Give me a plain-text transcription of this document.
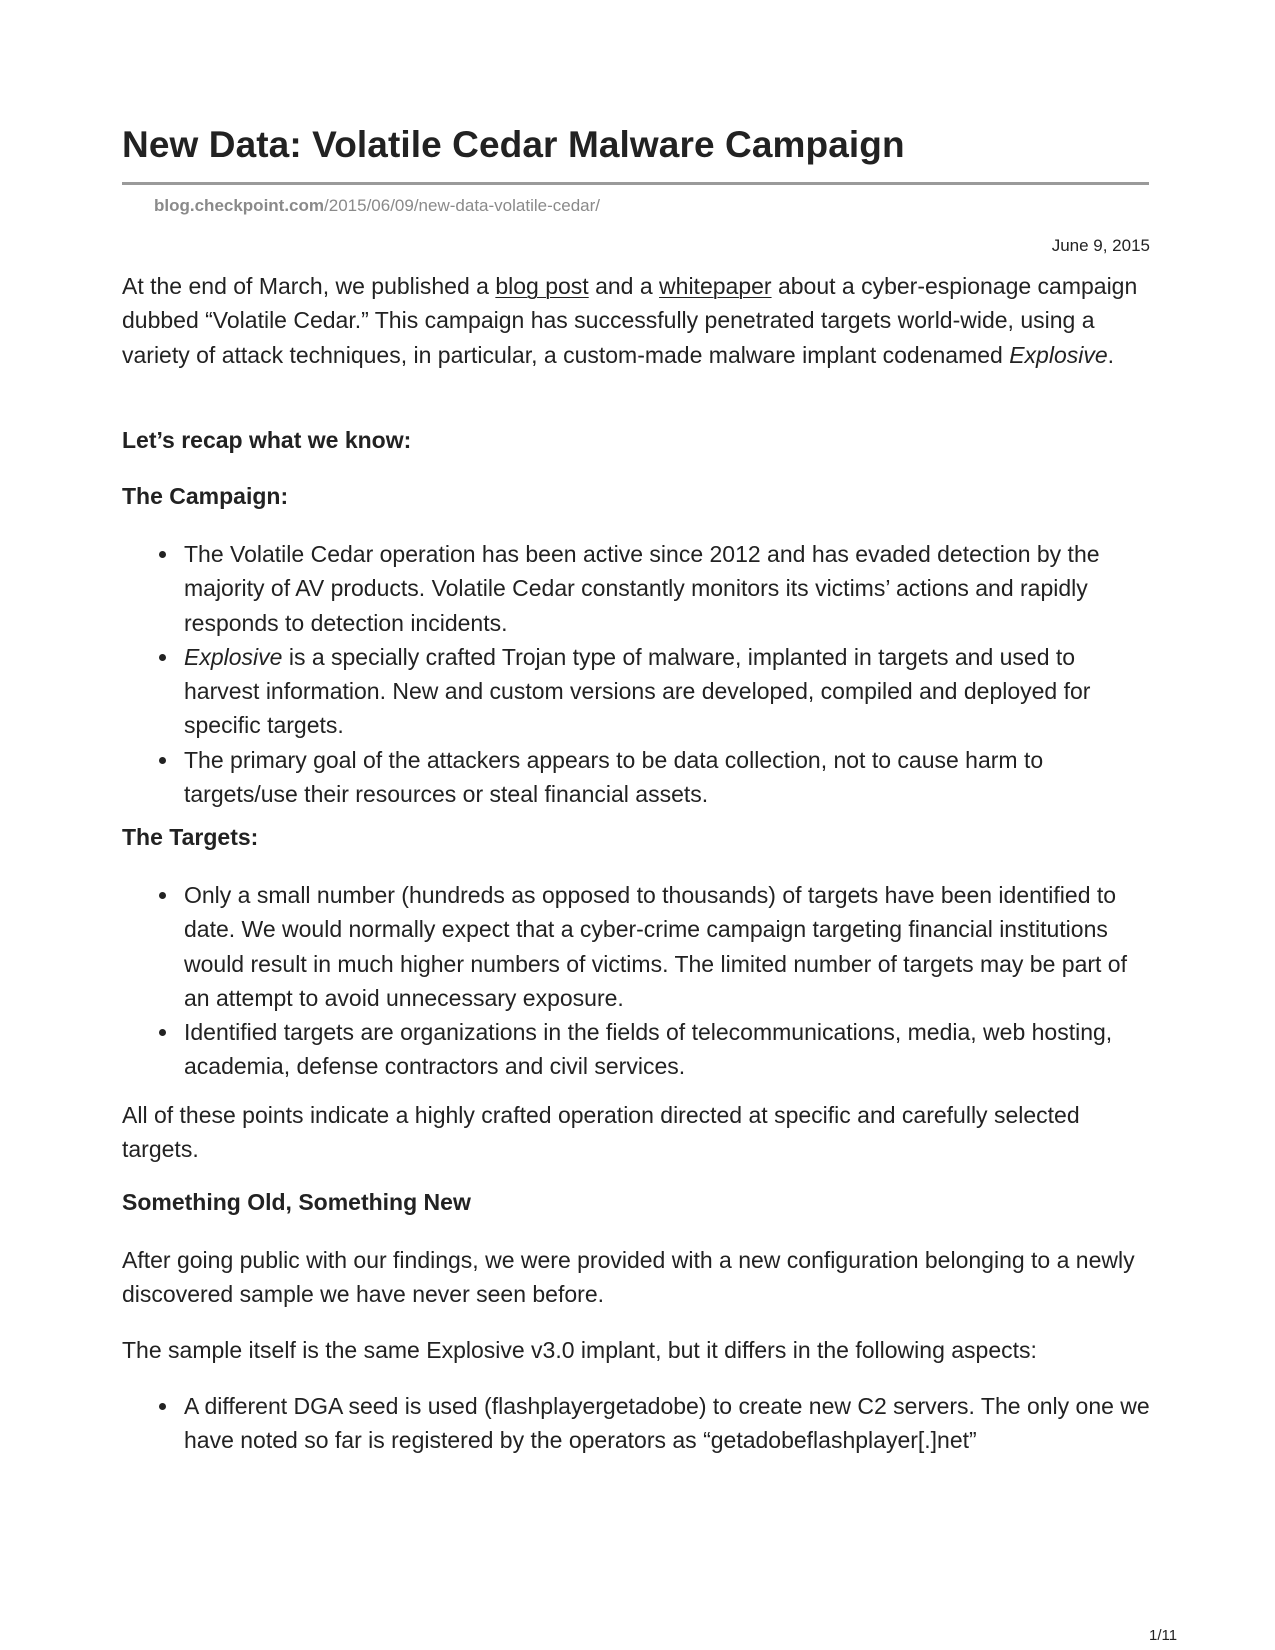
New Data: Volatile Cedar Malware Campaign
blog.checkpoint.com/2015/06/09/new-data-volatile-cedar/
June 9, 2015

At the end of March, we published a blog post and a whitepaper about a cyber-espionage campaign dubbed “Volatile Cedar.” This campaign has successfully penetrated targets world-wide, using a variety of attack techniques, in particular, a custom-made malware implant codenamed Explosive.

Let’s recap what we know:
The Campaign:
The Volatile Cedar operation has been active since 2012 and has evaded detection by the majority of AV products. Volatile Cedar constantly monitors its victims’ actions and rapidly responds to detection incidents.
Explosive is a specially crafted Trojan type of malware, implanted in targets and used to harvest information. New and custom versions are developed, compiled and deployed for specific targets.
The primary goal of the attackers appears to be data collection, not to cause harm to targets/use their resources or steal financial assets.
The Targets:
Only a small number (hundreds as opposed to thousands) of targets have been identified to date. We would normally expect that a cyber-crime campaign targeting financial institutions would result in much higher numbers of victims. The limited number of targets may be part of an attempt to avoid unnecessary exposure.
Identified targets are organizations in the fields of telecommunications, media, web hosting, academia, defense contractors and civil services.

All of these points indicate a highly crafted operation directed at specific and carefully selected targets.

Something Old, Something New

After going public with our findings, we were provided with a new configuration belonging to a newly discovered sample we have never seen before.

The sample itself is the same Explosive v3.0 implant, but it differs in the following aspects:

A different DGA seed is used (flashplayergetadobe) to create new C2 servers. The only one we have noted so far is registered by the operators as “getadobeflashplayer[.]net”
1/11
